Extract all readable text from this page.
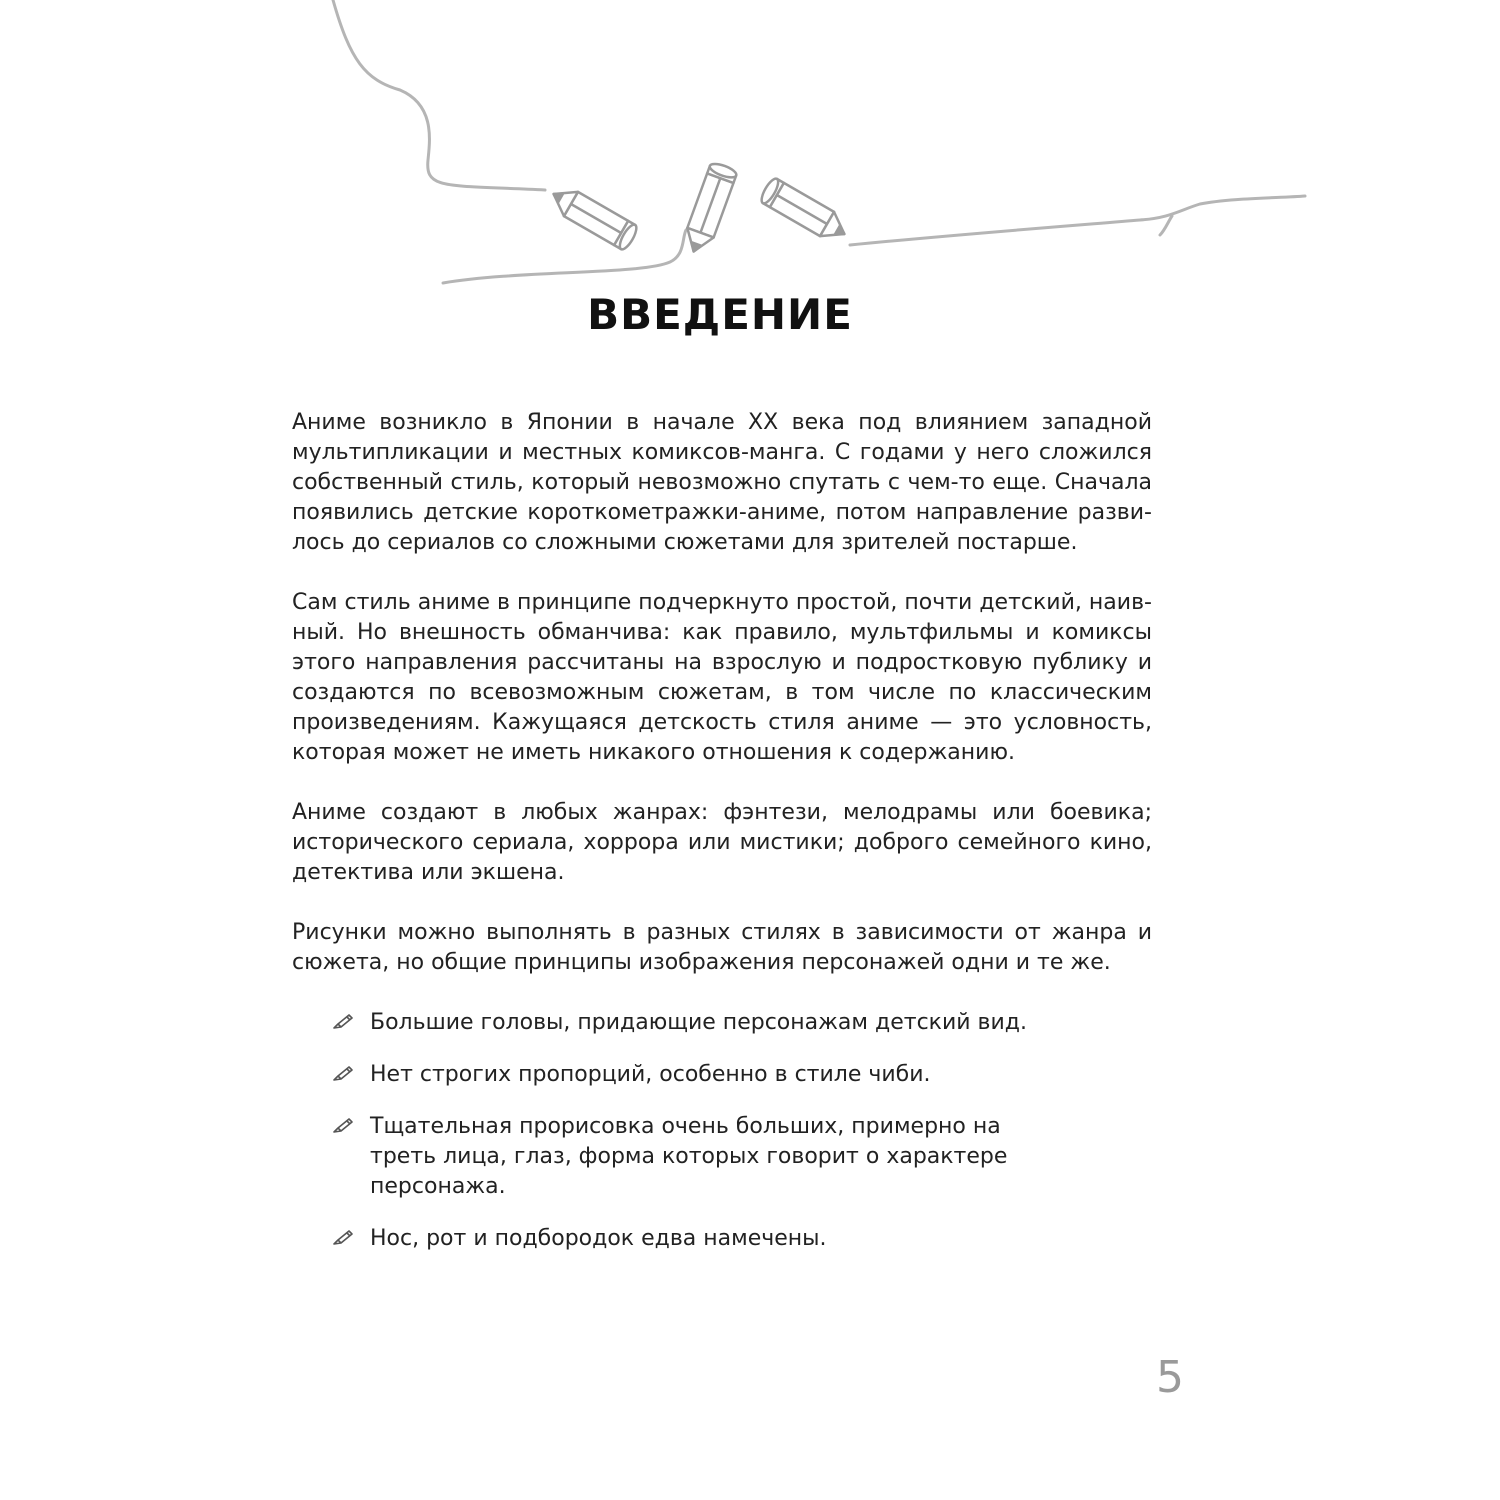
ВВЕДЕНИЕ

Аниме возникло в Японии в начале XX века под влиянием западной мультипликации и местных комиксов-манга. С годами у него сложился собственный стиль, который невозможно спутать с чем-то еще. Сначала появились детские короткометражки-аниме, потом направление развилось до сериалов со сложными сюжетами для зрителей постарше.

Сам стиль аниме в принципе подчеркнуто простой, почти детский, наивный. Но внешность обманчива: как правило, мультфильмы и комиксы этого направления рассчитаны на взрослую и подростковую публику и создаются по всевозможным сюжетам, в том числе по классическим произведениям. Кажущаяся детскость стиля аниме — это условность, которая может не иметь никакого отношения к содержанию.

Аниме создают в любых жанрах: фэнтези, мелодрамы или боевика; исторического сериала, хоррора или мистики; доброго семейного кино, детектива или экшена.

Рисунки можно выполнять в разных стилях в зависимости от жанра и сюжета, но общие принципы изображения персонажей одни и те же.

Большие головы, придающие персонажам детский вид.
Нет строгих пропорций, особенно в стиле чиби.
Тщательная прорисовка очень больших, примерно на треть лица, глаз, форма которых говорит о характере персонажа.
Нос, рот и подбородок едва намечены.
5
